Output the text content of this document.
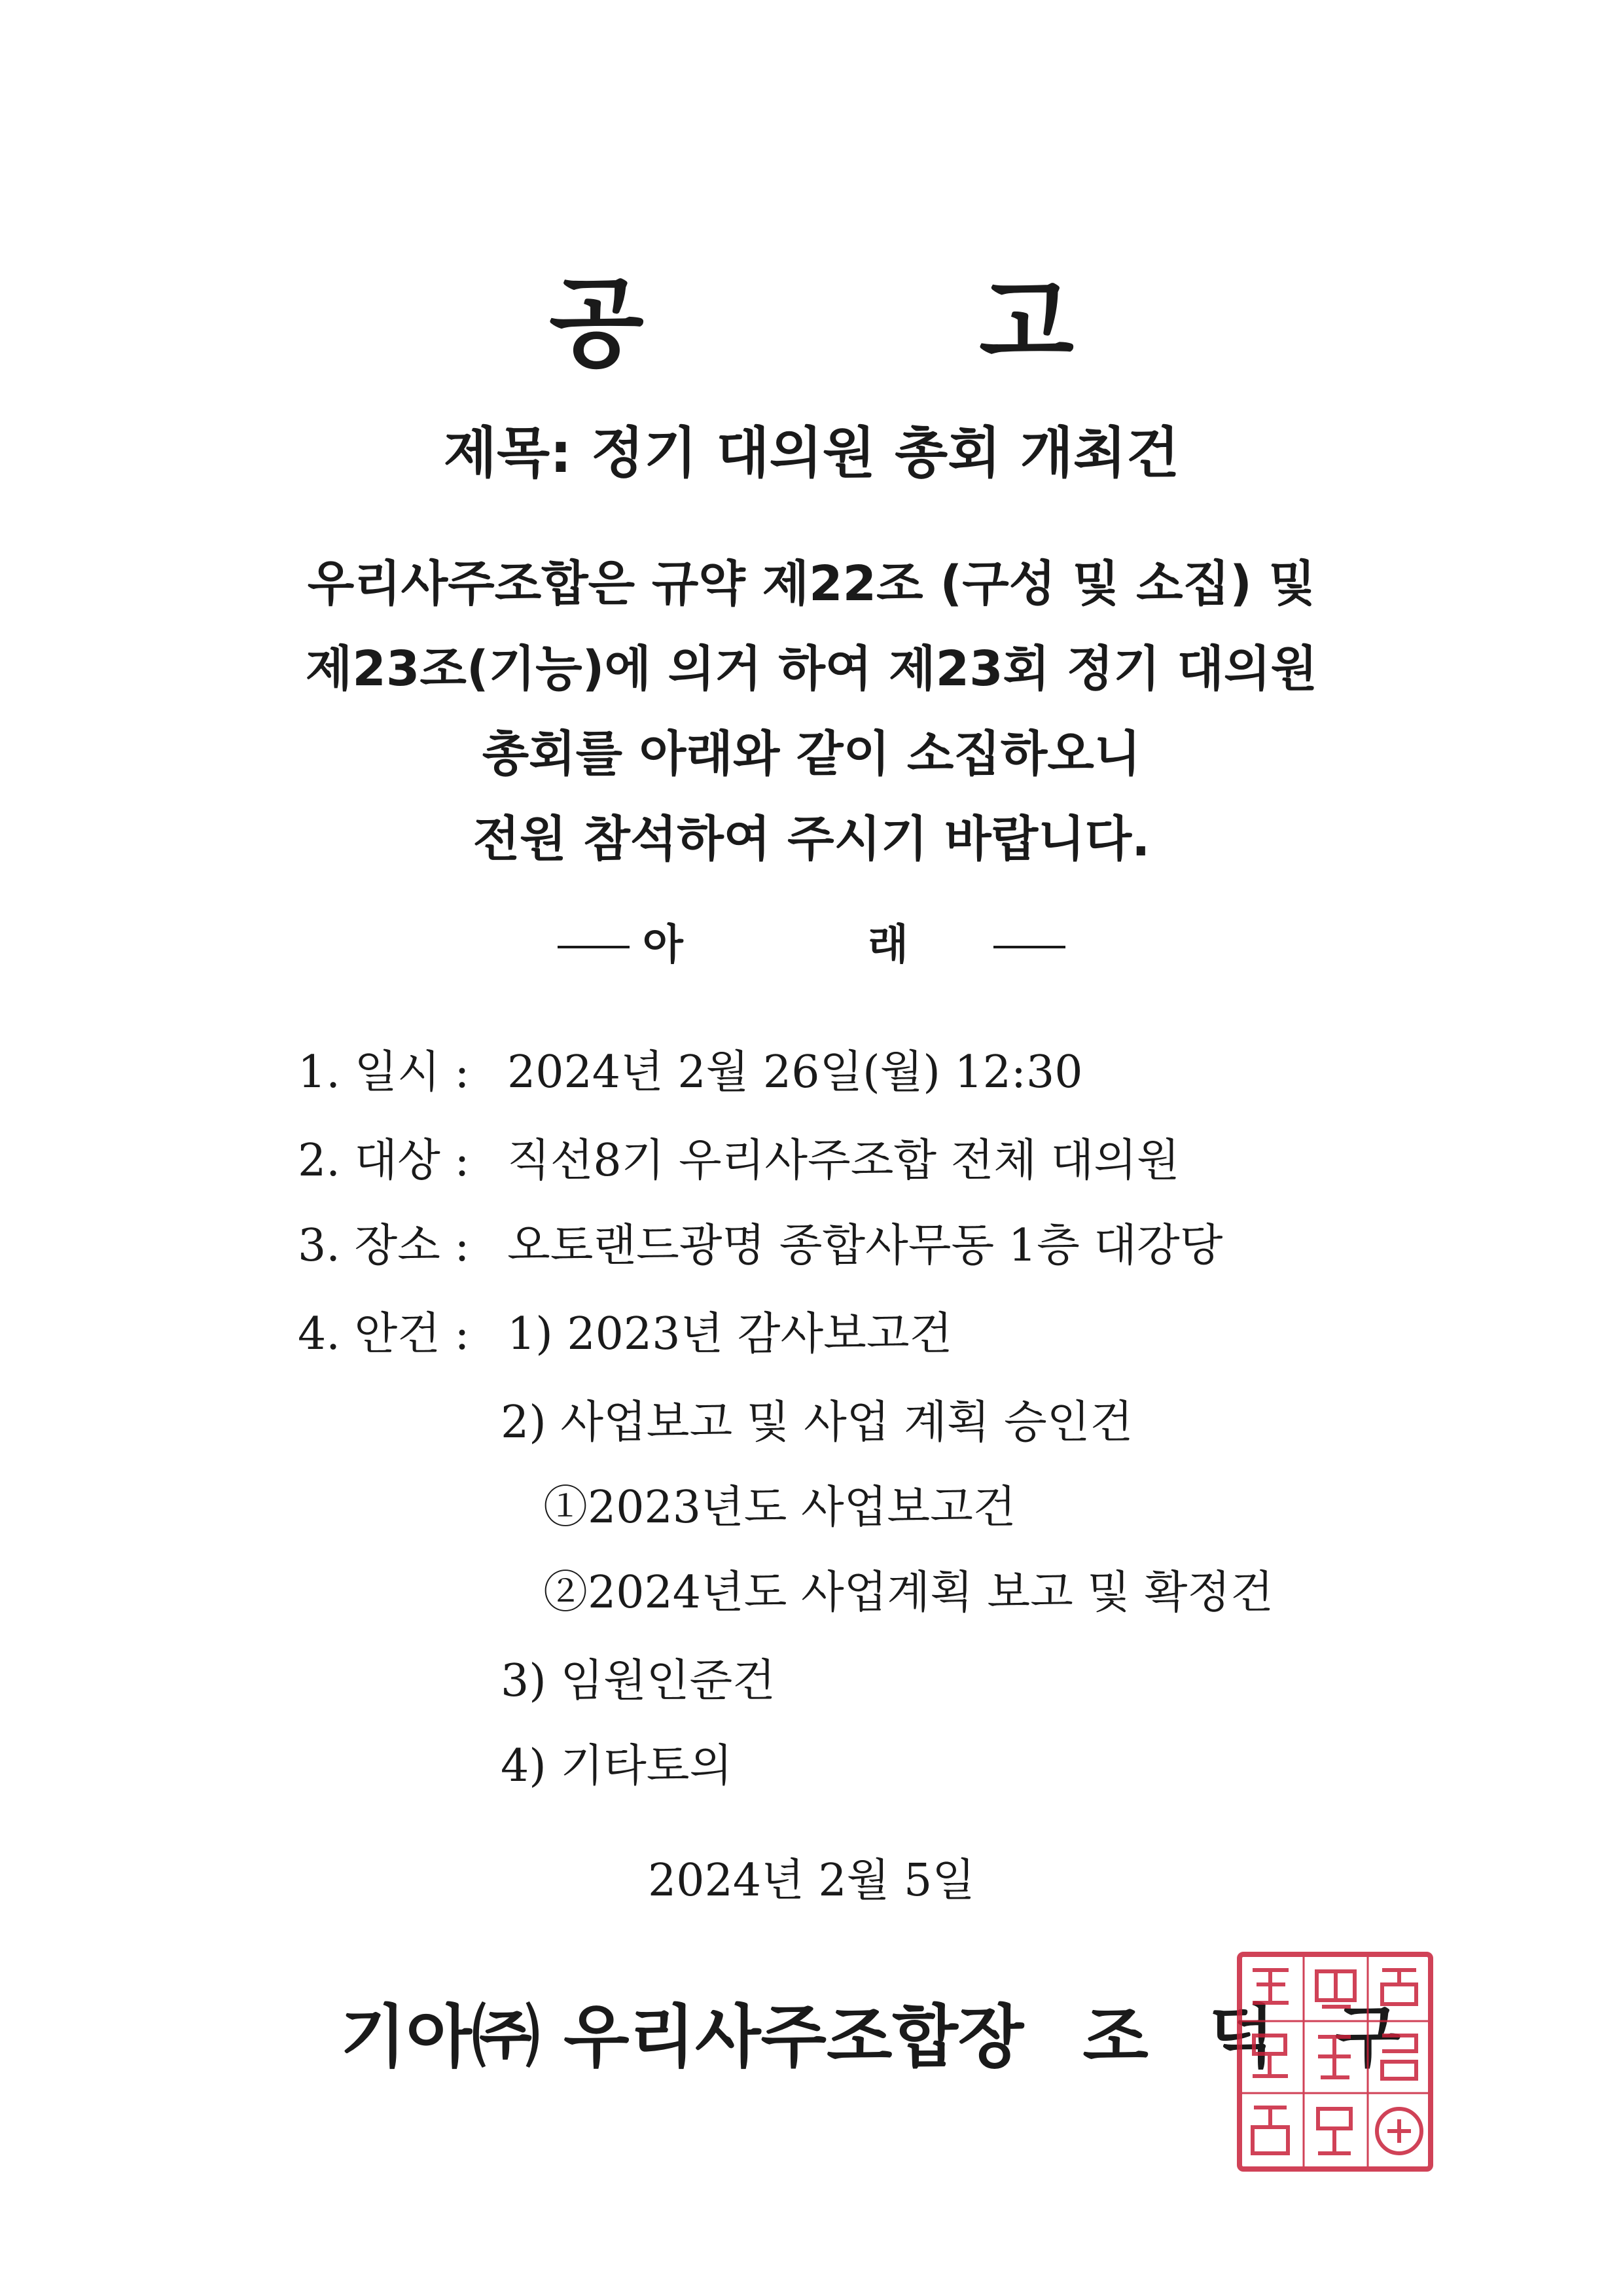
공 고
제목: 정기 대의원 총회 개최건
우리사주조합은 규약 제22조 (구성 및 소집) 및
제23조(기능)에 의거 하여 제23회 정기 대의원
총회를 아래와 같이 소집하오니
전원 참석하여 주시기 바랍니다.
아 래
1. 일시 : 2024년 2월 26일(월) 12:30
2. 대상 : 직선8기 우리사주조합 전체 대의원
3. 장소 : 오토랜드광명 종합사무동 1층 대강당
4. 안건 : 1) 2023년 감사보고건
2) 사업보고 및 사업 계획 승인건
①2023년도 사업보고건
②2024년도 사업계획 보고 및 확정건
3) 임원인준건
4) 기타토의
2024년 2월 5일
기아㈜ 우리사주조합장 조 덕 구
